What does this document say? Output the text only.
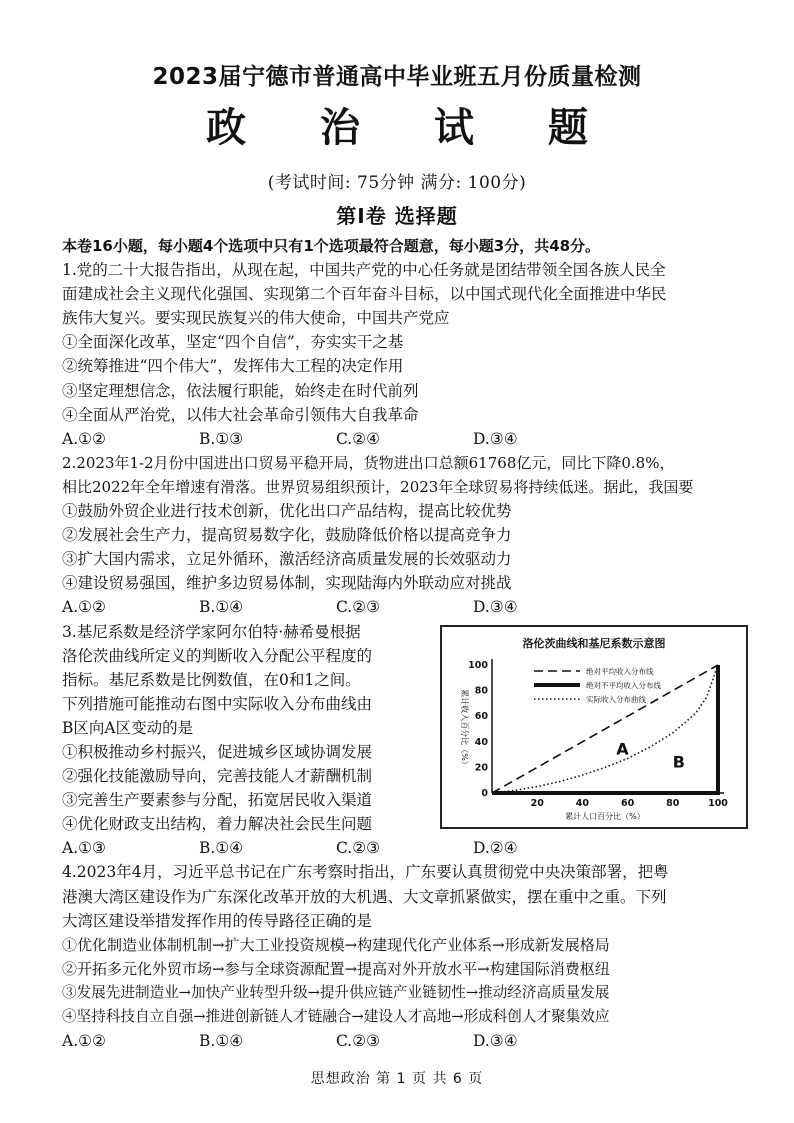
2023届宁德市普通高中毕业班五月份质量检测
政 治 试 题
(考试时间: 75分钟 满分: 100分)
第Ⅰ卷 选择题
本卷16小题，每小题4个选项中只有1个选项最符合题意，每小题3分，共48分。
1.党的二十大报告指出，从现在起，中国共产党的中心任务就是团结带领全国各族人民全
面建成社会主义现代化强国、实现第二个百年奋斗目标，以中国式现代化全面推进中华民
族伟大复兴。要实现民族复兴的伟大使命，中国共产党应
①全面深化改革，坚定“四个自信”，夯实实干之基
②统筹推进“四个伟大”，发挥伟大工程的决定作用
③坚定理想信念，依法履行职能，始终走在时代前列
④全面从严治党，以伟大社会革命引领伟大自我革命
A.①②	B.①③	C.②④	D.③④
2.2023年1-2月份中国进出口贸易平稳开局，货物进出口总额61768亿元，同比下降0.8%，
相比2022年全年增速有滑落。世界贸易组织预计，2023年全球贸易将持续低迷。据此，我国要
①鼓励外贸企业进行技术创新，优化出口产品结构，提高比较优势
②发展社会生产力，提高贸易数字化，鼓励降低价格以提高竞争力
③扩大国内需求，立足外循环，激活经济高质量发展的长效驱动力
④建设贸易强国，维护多边贸易体制，实现陆海内外联动应对挑战
A.①②	B.①④	C.②③	D.③④
3.基尼系数是经济学家阿尔伯特·赫希曼根据
洛伦茨曲线所定义的判断收入分配公平程度的
指标。基尼系数是比例数值，在0和1之间。
下列措施可能推动右图中实际收入分布曲线由
B区向A区变动的是
①积极推动乡村振兴，促进城乡区域协调发展
②强化技能激励导向，完善技能人才薪酬机制
③完善生产要素参与分配，拓宽居民收入渠道
④优化财政支出结构，着力解决社会民生问题
A.①③	B.①④	C.②③	D.②④
4.2023年4月，习近平总书记在广东考察时指出，广东要认真贯彻党中央决策部署，把粤
港澳大湾区建设作为广东深化改革开放的大机遇、大文章抓紧做实，摆在重中之重。下列
大湾区建设举措发挥作用的传导路径正确的是
①优化制造业体制机制→扩大工业投资规模→构建现代化产业体系→形成新发展格局
②开拓多元化外贸市场→参与全球资源配置→提高对外开放水平→构建国际消费枢纽
③发展先进制造业→加快产业转型升级→提升供应链产业链韧性→推动经济高质量发展
④坚持科技自立自强→推进创新链人才链融合→建设人才高地→形成科创人才聚集效应
A.①②	B.①④	C.②③	D.③④
洛伦茨曲线和基尼系数示意图
20	40	60	80	100
0
20
40
60
80
100
累计人口百分比（%）
累计收入百分比（%）
绝对平均收入分布线
绝对不平均收入分布线
实际收入分布曲线
A
B
思想政治 第 1 页 共 6 页
